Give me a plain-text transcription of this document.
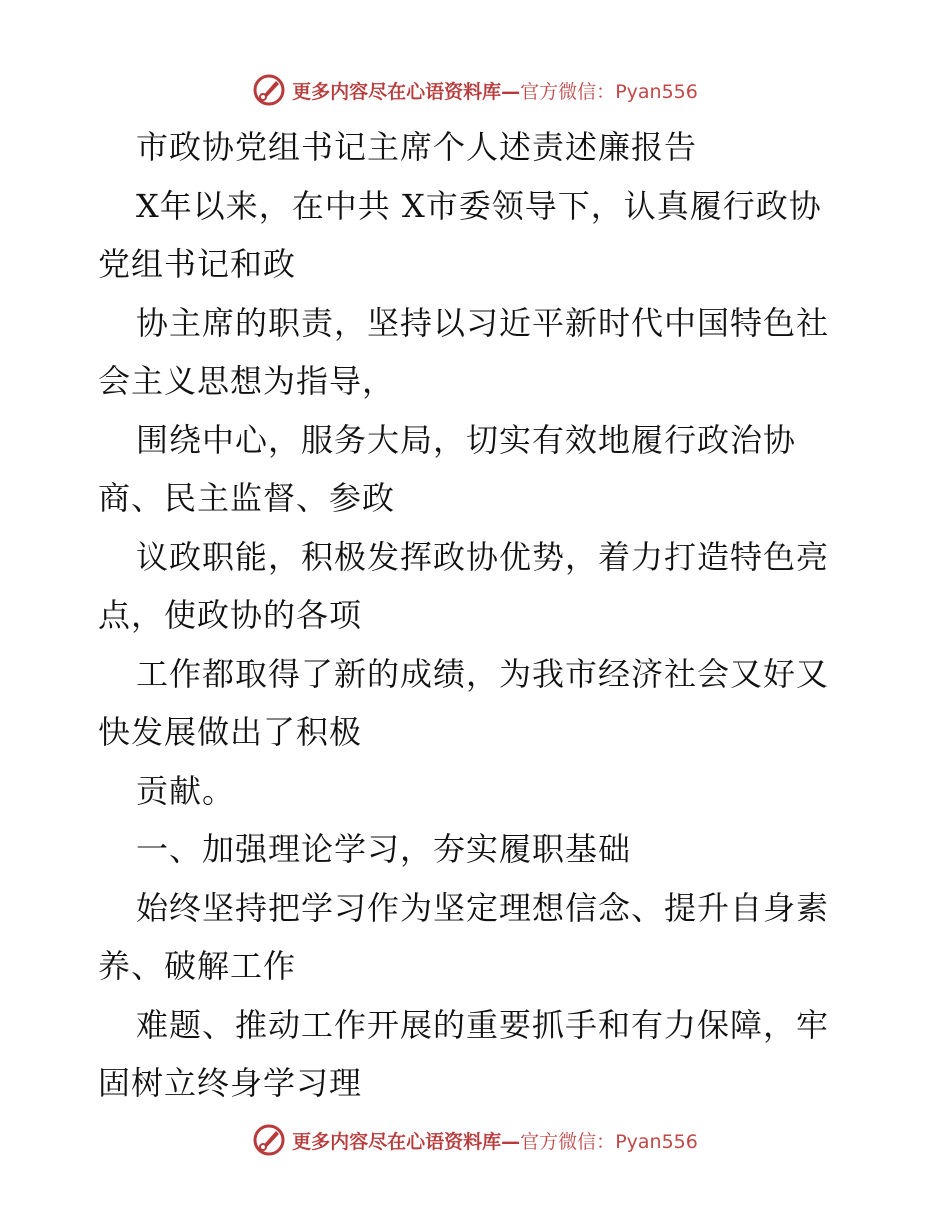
更多内容尽在心语资料库—官方微信：Pyan556
市政协党组书记主席个人述责述廉报告
X年以来，在中共 X市委领导下，认真履行政协
党组书记和政
协主席的职责，坚持以习近平新时代中国特色社
会主义思想为指导，
围绕中心，服务大局，切实有效地履行政治协
商、民主监督、参政
议政职能，积极发挥政协优势，着力打造特色亮
点，使政协的各项
工作都取得了新的成绩，为我市经济社会又好又
快发展做出了积极
贡献。
一、加强理论学习，夯实履职基础
始终坚持把学习作为坚定理想信念、提升自身素
养、破解工作
难题、推动工作开展的重要抓手和有力保障，牢
固树立终身学习理
更多内容尽在心语资料库—官方微信：Pyan556
